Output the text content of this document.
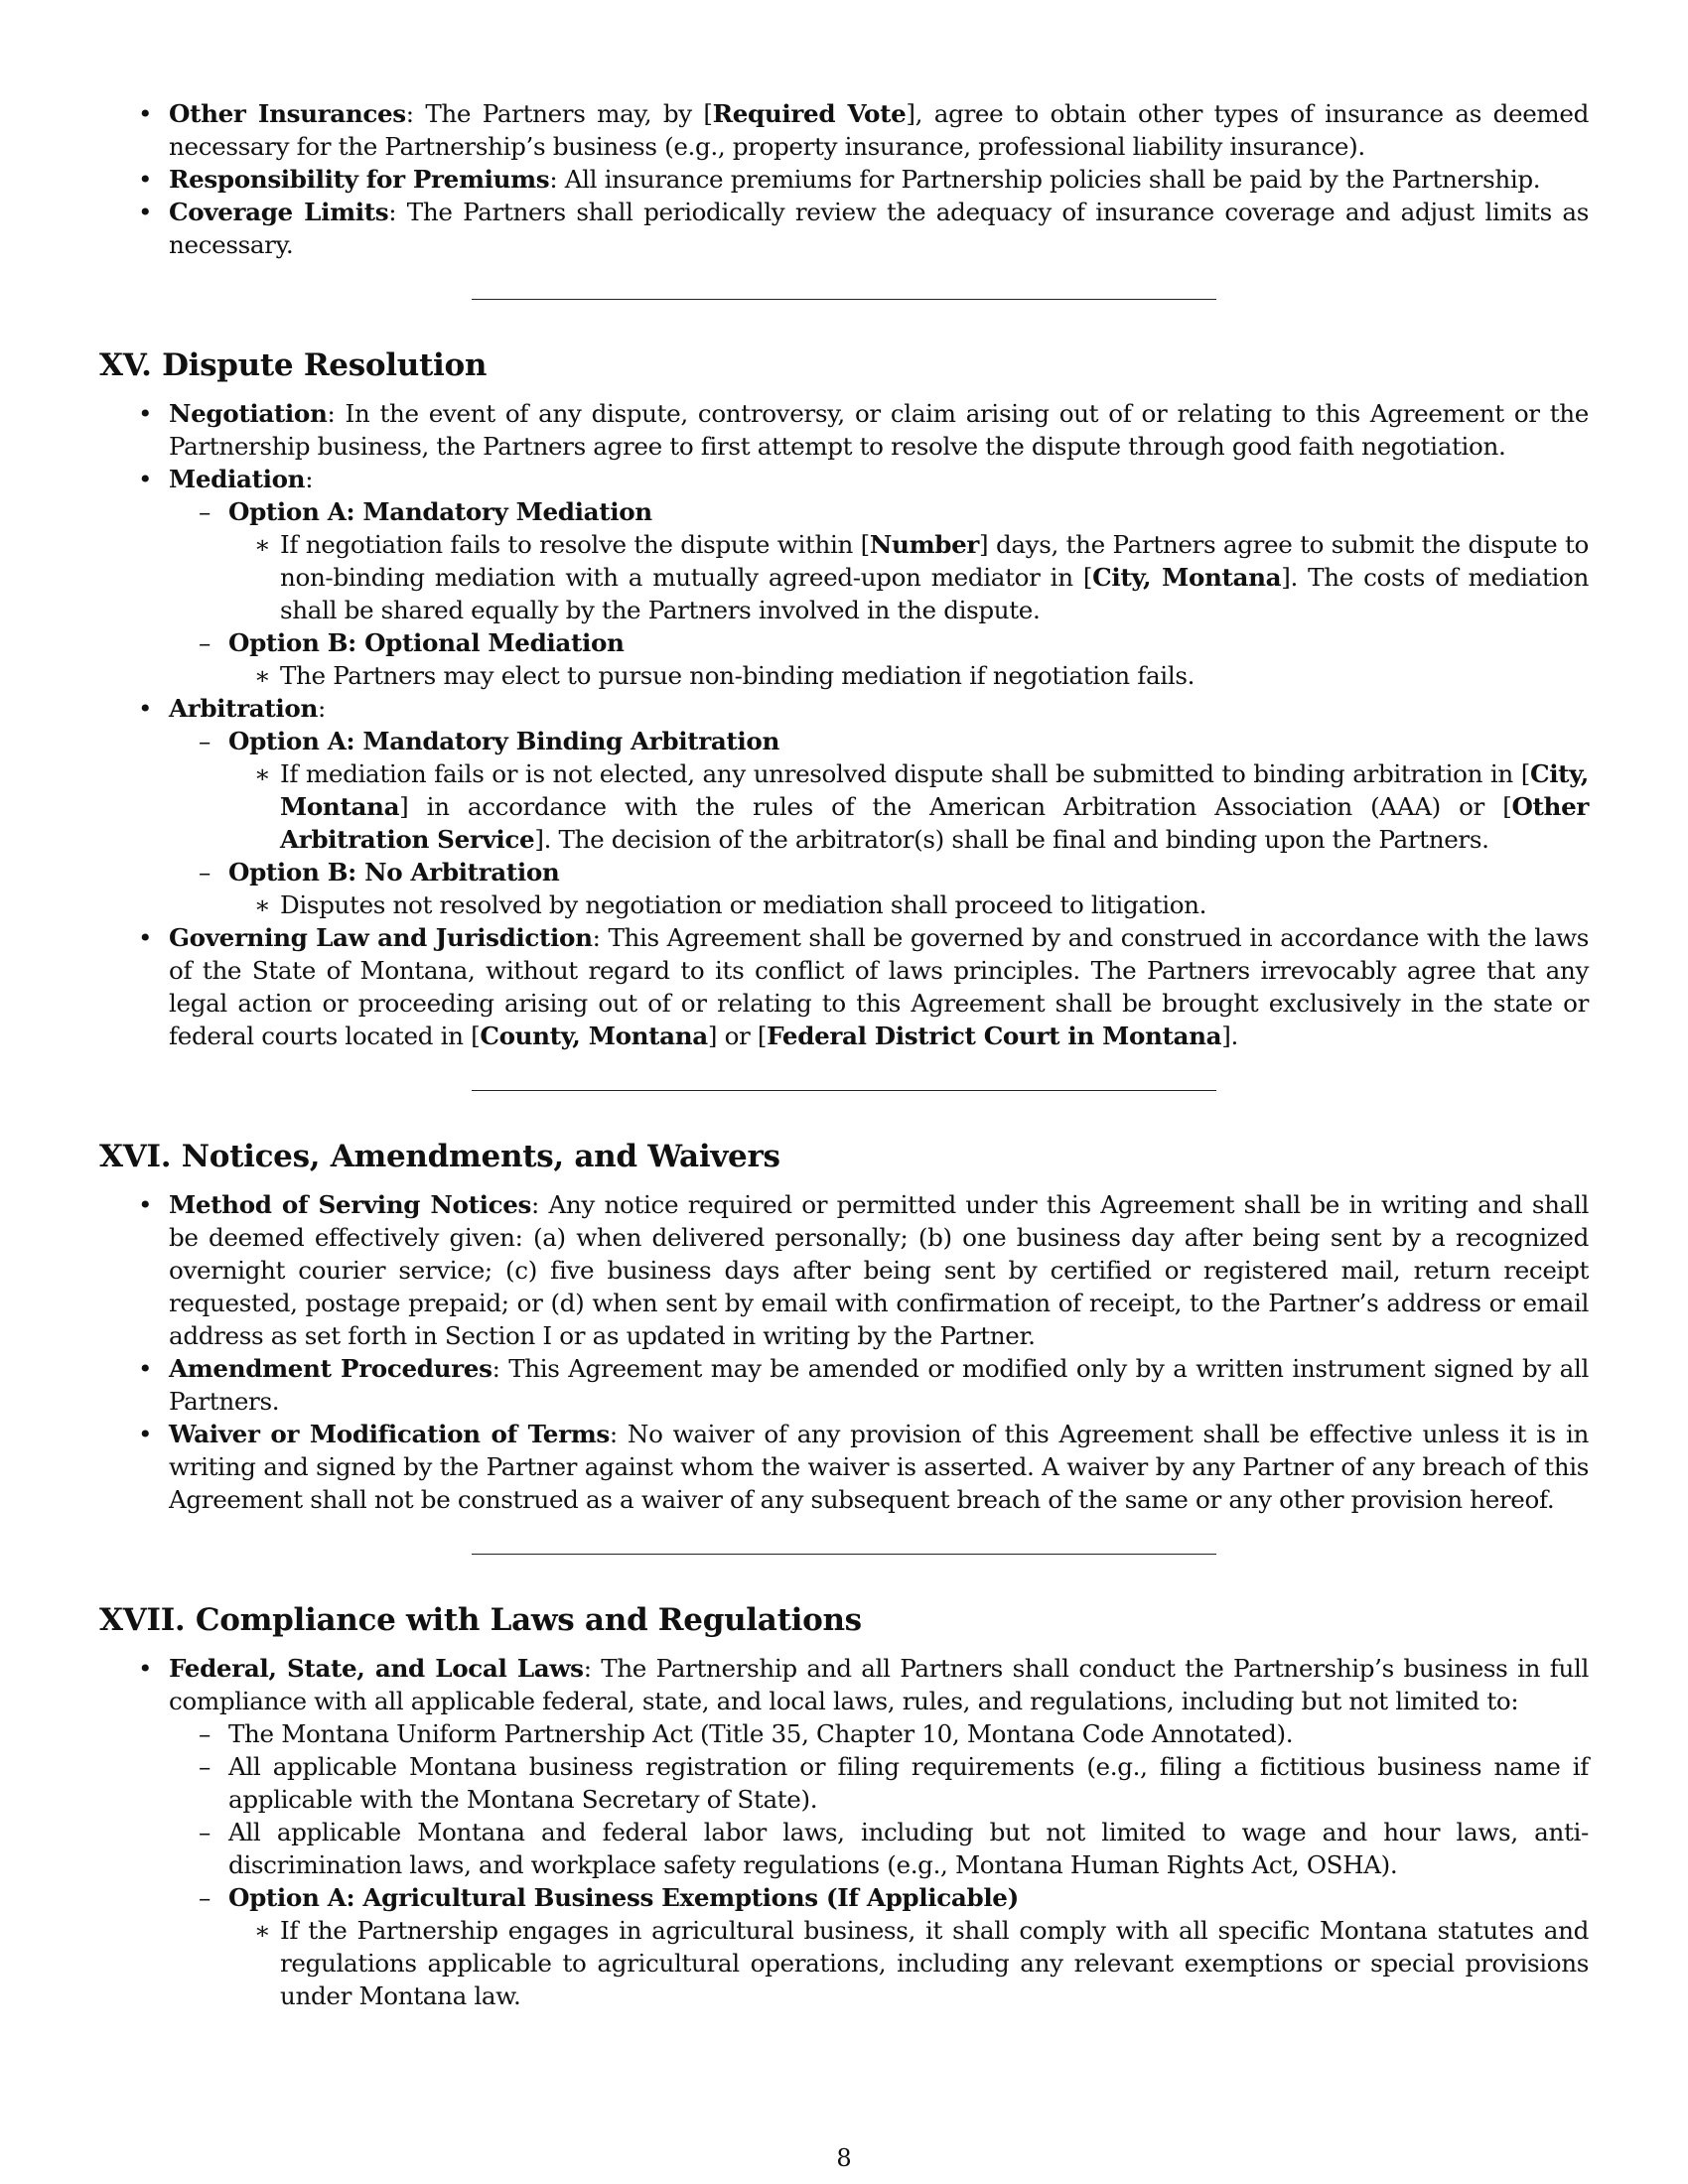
• Other Insurances: The Partners may, by [Required Vote], agree to obtain other types of insurance as deemed necessary for the Partnership’s business (e.g., property insurance, professional liability insurance).
• Responsibility for Premiums: All insurance premiums for Partnership policies shall be paid by the Partnership.
• Coverage Limits: The Partners shall periodically review the adequacy of insurance coverage and adjust limits as necessary.
XV. Dispute Resolution
• Negotiation: In the event of any dispute, controversy, or claim arising out of or relating to this Agreement or the Partnership business, the Partners agree to first attempt to resolve the dispute through good faith negotiation.
• Mediation:
– Option A: Mandatory Mediation
∗ If negotiation fails to resolve the dispute within [Number] days, the Partners agree to submit the dispute to non-binding mediation with a mutually agreed-upon mediator in [City, Montana]. The costs of mediation shall be shared equally by the Partners involved in the dispute.
– Option B: Optional Mediation
∗ The Partners may elect to pursue non-binding mediation if negotiation fails.
• Arbitration:
– Option A: Mandatory Binding Arbitration
∗ If mediation fails or is not elected, any unresolved dispute shall be submitted to binding arbitration in [City, Montana] in accordance with the rules of the American Arbitration Association (AAA) or [Other Arbitration Service]. The decision of the arbitrator(s) shall be final and binding upon the Partners.
– Option B: No Arbitration
∗ Disputes not resolved by negotiation or mediation shall proceed to litigation.
• Governing Law and Jurisdiction: This Agreement shall be governed by and construed in accordance with the laws of the State of Montana, without regard to its conflict of laws principles. The Partners irrevocably agree that any legal action or proceeding arising out of or relating to this Agreement shall be brought exclusively in the state or federal courts located in [County, Montana] or [Federal District Court in Montana].
XVI. Notices, Amendments, and Waivers
• Method of Serving Notices: Any notice required or permitted under this Agreement shall be in writing and shall be deemed effectively given: (a) when delivered personally; (b) one business day after being sent by a recognized overnight courier service; (c) five business days after being sent by certified or registered mail, return receipt requested, postage prepaid; or (d) when sent by email with confirmation of receipt, to the Partner’s address or email address as set forth in Section I or as updated in writing by the Partner.
• Amendment Procedures: This Agreement may be amended or modified only by a written instrument signed by all Partners.
• Waiver or Modification of Terms: No waiver of any provision of this Agreement shall be effective unless it is in writing and signed by the Partner against whom the waiver is asserted. A waiver by any Partner of any breach of this Agreement shall not be construed as a waiver of any subsequent breach of the same or any other provision hereof.
XVII. Compliance with Laws and Regulations
• Federal, State, and Local Laws: The Partnership and all Partners shall conduct the Partnership’s business in full compliance with all applicable federal, state, and local laws, rules, and regulations, including but not limited to:
– The Montana Uniform Partnership Act (Title 35, Chapter 10, Montana Code Annotated).
– All applicable Montana business registration or filing requirements (e.g., filing a fictitious business name if applicable with the Montana Secretary of State).
– All applicable Montana and federal labor laws, including but not limited to wage and hour laws, anti-discrimination laws, and workplace safety regulations (e.g., Montana Human Rights Act, OSHA).
– Option A: Agricultural Business Exemptions (If Applicable)
∗ If the Partnership engages in agricultural business, it shall comply with all specific Montana statutes and regulations applicable to agricultural operations, including any relevant exemptions or special provisions under Montana law.
8
